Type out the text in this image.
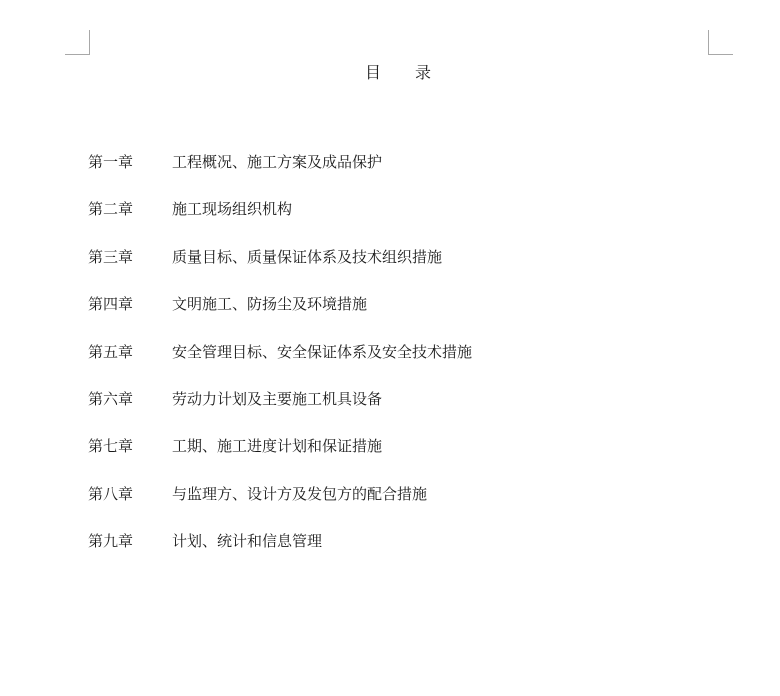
目 录
第一章	工程概况、施工方案及成品保护
第二章	施工现场组织机构
第三章	质量目标、质量保证体系及技术组织措施
第四章	文明施工、防扬尘及环境措施
第五章	安全管理目标、安全保证体系及安全技术措施
第六章	劳动力计划及主要施工机具设备
第七章	工期、施工进度计划和保证措施
第八章	与监理方、设计方及发包方的配合措施
第九章	计划、统计和信息管理
